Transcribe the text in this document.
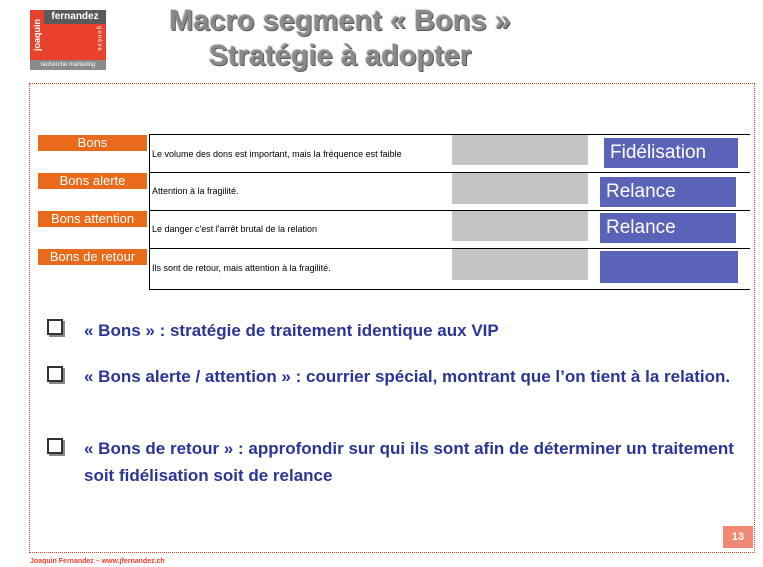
fernandez
joaquin	genève
recherche marketing
Macro segment « Bons »
Stratégie à adopter
Bons
Bons alerte
Bons attention
Bons de retour
Le volume des dons est important, mais la fréquence est faible
Attention à la fragilité.
Le danger c'est l'arrêt brutal de la relation
Ils sont de retour, mais attention à la fragilité.
Fidélisation
Relance
Relance
« Bons » : stratégie de traitement identique aux VIP
« Bons alerte / attention » : courrier spécial, montrant que l’on tient à la relation.
« Bons de retour » : approfondir sur qui ils sont afin de déterminer un traitement soit fidélisation soit de relance
13
Joaquin Fernandez – www.jfernandez.ch
